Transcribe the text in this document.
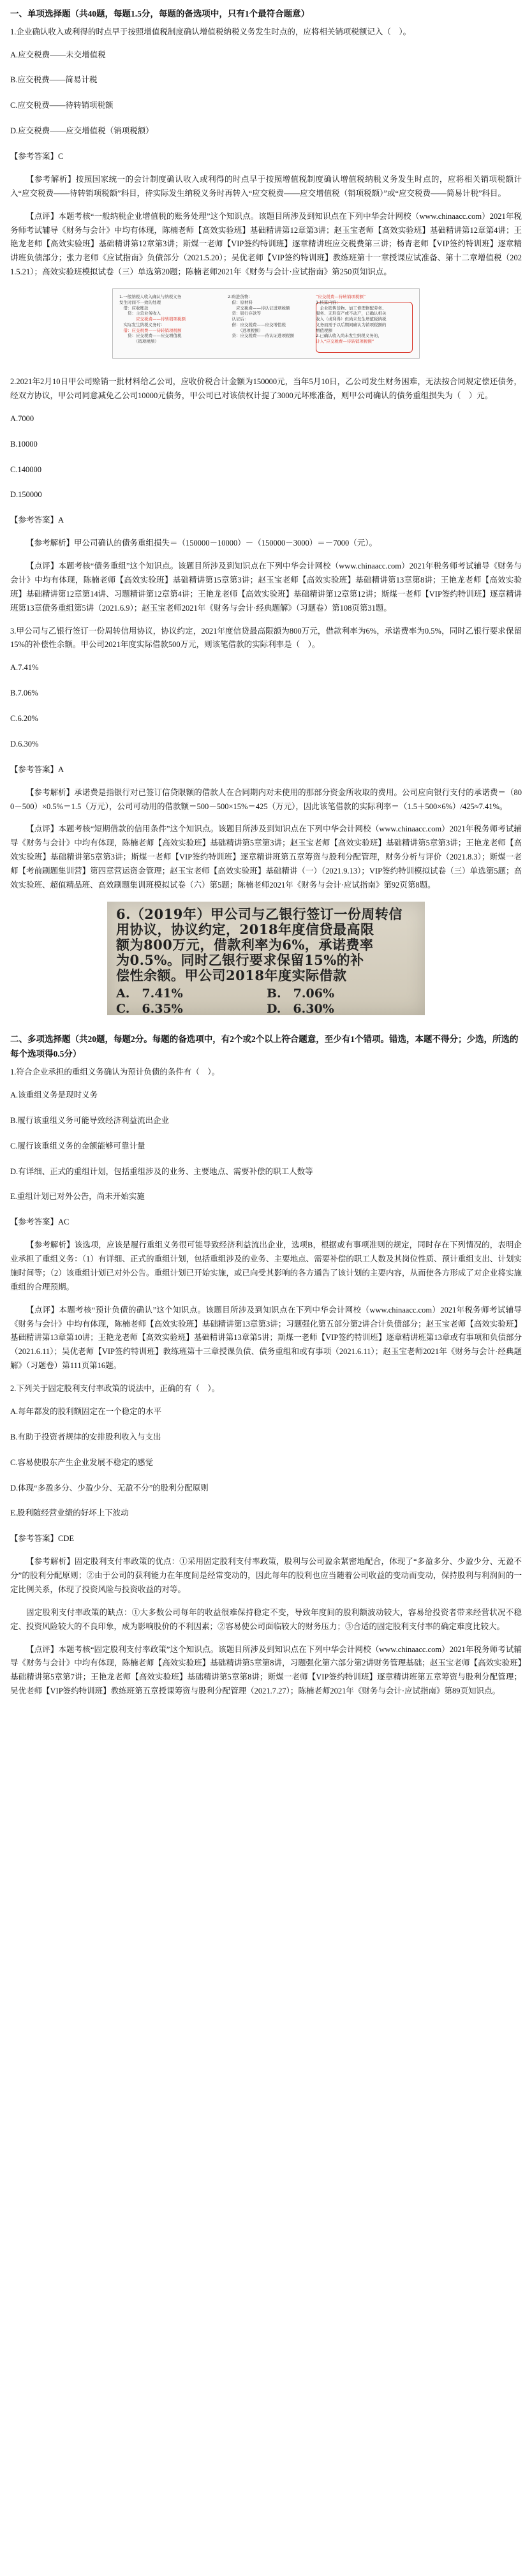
一、单项选择题（共40题，每题1.5分，每题的备选项中，只有1个最符合题意）

1.企业确认收入或利得的时点早于按照增值税制度确认增值税纳税义务发生时点的，应将相关销项税额记入（　）。

A.应交税费——未交增值税

B.应交税费——简易计税

C.应交税费——待转销项税额

D.应交税费——应交增值税（销项税额）

【参考答案】C

【参考解析】按照国家统一的会计制度确认收入或利得的时点早于按照增值税制度确认增值税纳税义务发生时点的，应将相关销项税额计入“应交税费——待转销项税额”科目，待实际发生纳税义务时再转入“应交税费——应交增值税（销项税额）”或“应交税费——简易计税”科目。

【点评】本题考核“一般纳税企业增值税的账务处理”这个知识点。该题目所涉及到知识点在下列中华会计网校（www.chinaacc.com）2021年税务师考试辅导《财务与会计》中均有体现，陈楠老师【高效实验班】基础精讲第12章第3讲；赵玉宝老师【高效实验班】基础精讲第12章第4讲；王艳龙老师【高效实验班】基础精讲第12章第3讲；斯煤一老师【VIP签约特训班】逐章精讲班应交税费第三讲；杨青老师【VIP签约特训班】逐章精讲班负债部分；张力老师《应试指南》负债部分（2021.5.20）；吴优老师【VIP签约特训班】教练班第十一章授课应试准备、第十二章增值税（2021.5.21）；高效实验班模拟试卷（三）单选第20题；陈楠老师2021年《财务与会计·应试指南》第250页知识点。

1.一般纳税人收入确认与纳税义务
发生时间不一致的处理
　借：应收账款
　　贷：主营业务收入
　　　　应交税费——待转销项税额
　实际发生纳税义务时：
　借：应交税费——待转销项税额
　　贷：应交税费——应交增值税
　　　　（销项税额）
2.购进货物：
　借：原材料
　　应交税费——待认证进项税额
　贷：银行存款等
　认证后：
　借：应交税费——应交增值税
　　　（进项税额）
　贷：应交税费——待认证进项税额
“应交税费—待转销项税额”
1.核算内容：
　企业销售货物、加工修理修配劳务、
服务、无形资产或不动产，已确认相关
收入（或利得）但尚未发生增值税纳税
义务而需于以后期间确认为销项税额的
增值税额
2.已确认收入尚未发生纳税义务的，
计入“应交税费—待转销项税额”

2.2021年2月10日甲公司赊销一批材料给乙公司，应收价税合计金额为150000元，当年5月10日，乙公司发生财务困难，无法按合同规定偿还债务，经双方协议，甲公司同意减免乙公司10000元债务，甲公司已对该债权计提了3000元坏账准备，则甲公司确认的债务重组损失为（　）元。

A.7000

B.10000

C.140000

D.150000

【参考答案】A

【参考解析】甲公司确认的债务重组损失＝（150000－10000）－（150000－3000）＝－7000（元）。

【点评】本题考核“债务重组”这个知识点。该题目所涉及到知识点在下列中华会计网校（www.chinaacc.com）2021年税务师考试辅导《财务与会计》中均有体现，陈楠老师【高效实验班】基础精讲第15章第3讲；赵玉宝老师【高效实验班】基础精讲第13章第8讲；王艳龙老师【高效实验班】基础精讲第12章第14讲、习题精讲第12章第4讲；王艳龙老师【高效实验班】基础精讲第12章第12讲；斯煤一老师【VIP签约特训班】逐章精讲班第13章债务重组第5讲（2021.6.9）；赵玉宝老师2021年《财务与会计·经典题解》（习题卷）第108页第31题。

3.甲公司与乙银行签订一份周转信用协议，协议约定，2021年度信贷最高限额为800万元，借款利率为6%，承诺费率为0.5%，同时乙银行要求保留15%的补偿性余额。甲公司2021年度实际借款500万元，则该笔借款的实际利率是（　）。

A.7.41%

B.7.06%

C.6.20%

D.6.30%

【参考答案】A

【参考解析】承诺费是指银行对已签订信贷限额的借款人在合同期内对未使用的那部分资金所收取的费用。公司应向银行支付的承诺费＝（800－500）×0.5%＝1.5（万元），公司可动用的借款额＝500－500×15%＝425（万元），因此该笔借款的实际利率＝（1.5＋500×6%）/425≈7.41%。

【点评】本题考核“短期借款的信用条件”这个知识点。该题目所涉及到知识点在下列中华会计网校（www.chinaacc.com）2021年税务师考试辅导《财务与会计》中均有体现，陈楠老师【高效实验班】基础精讲第5章第3讲；赵玉宝老师【高效实验班】基础精讲第5章第3讲；王艳龙老师【高效实验班】基础精讲第5章第3讲；斯煤一老师【VIP签约特训班】逐章精讲班第五章筹资与股利分配管理，财务分析与评价（2021.8.3）；斯煤一老师【考前刷题集训营】第四章营运资金管理；赵玉宝老师【高效实验班】基础精讲（一）（2021.9.13）；VIP签约特训模拟试卷（三）单选第5题；高效实验班、超值精品班、高效刷题集训班模拟试卷（六）第5题；陈楠老师2021年《财务与会计·应试指南》第92页第8题。

6.（2019年）甲公司与乙银行签订一份周转信
用协议，协议约定，2018年度信贷最高限
额为800万元，借款利率为6%，承诺费率
为0.5%。同时乙银行要求保留15%的补
偿性余额。甲公司2018年度实际借款
A.　7.41%	B.　7.06%
C.　6.35%	D.　6.30%
二、多项选择题（共20题，每题2分。每题的备选项中，有2个或2个以上符合题意，至少有1个错项。错选，本题不得分；少选，所选的每个选项得0.5分）

1.符合企业承担的重组义务确认为预计负债的条件有（　）。

A.该重组义务是现时义务

B.履行该重组义务可能导致经济利益流出企业

C.履行该重组义务的金额能够可靠计量

D.有详细、正式的重组计划，包括重组涉及的业务、主要地点、需要补偿的职工人数等

E.重组计划已对外公告，尚未开始实施

【参考答案】AC

【参考解析】该选项，应该是履行重组义务很可能导致经济利益流出企业，选项B，根据或有事项准则的规定，同时存在下列情况的，表明企业承担了重组义务：（1）有详细、正式的重组计划，包括重组涉及的业务、主要地点、需要补偿的职工人数及其岗位性质、预计重组支出、计划实施时间等；（2）该重组计划已对外公告。重组计划已开始实施，或已向受其影响的各方通告了该计划的主要内容，从而使各方形成了对企业将实施重组的合理预期。

【点评】本题考核“预计负债的确认”这个知识点。该题目所涉及到知识点在下列中华会计网校（www.chinaacc.com）2021年税务师考试辅导《财务与会计》中均有体现，陈楠老师【高效实验班】基础精讲第13章第3讲；习题强化第五部分第2讲合计负债部分；赵玉宝老师【高效实验班】基础精讲第13章第10讲；王艳龙老师【高效实验班】基础精讲第13章第5讲；斯煤一老师【VIP签约特训班】逐章精讲班第13章或有事项和负债部分（2021.6.11）；吴优老师【VIP签约特训班】教练班第十三章授课负债、债务重组和或有事项（2021.6.11）；赵玉宝老师2021年《财务与会计·经典题解》（习题卷）第111页第16题。

2.下列关于固定股利支付率政策的说法中，正确的有（　）。

A.每年都发的股利额固定在一个稳定的水平

B.有助于投资者规律的安排股利收入与支出

C.容易使股东产生企业发展不稳定的感觉

D.体现“多盈多分、少盈少分、无盈不分”的股利分配原则

E.股利随经营业绩的好坏上下波动

【参考答案】CDE

【参考解析】固定股利支付率政策的优点：①采用固定股利支付率政策，股利与公司盈余紧密地配合，体现了“多盈多分、少盈少分、无盈不分”的股利分配原则；②由于公司的获利能力在年度间是经常变动的，因此每年的股利也应当随着公司收益的变动而变动，保持股利与利润间的一定比例关系，体现了投资风险与投资收益的对等。

固定股利支付率政策的缺点：①大多数公司每年的收益很难保持稳定不变，导致年度间的股利额波动较大，容易给投资者带来经营状况不稳定、投资风险较大的不良印象，成为影响股价的不利因素；②容易使公司面临较大的财务压力；③合适的固定股利支付率的确定难度比较大。

【点评】本题考核“固定股利支付率政策”这个知识点。该题目所涉及到知识点在下列中华会计网校（www.chinaacc.com）2021年税务师考试辅导《财务与会计》中均有体现，陈楠老师【高效实验班】基础精讲第5章第8讲，习题强化第六部分第2讲财务管理基础；赵玉宝老师【高效实验班】基础精讲第5章第7讲；王艳龙老师【高效实验班】基础精讲第5章第8讲；斯煤一老师【VIP签约特训班】逐章精讲班第五章筹资与股利分配管理；吴优老师【VIP签约特训班】教练班第五章授课筹资与股利分配管理（2021.7.27）；陈楠老师2021年《财务与会计·应试指南》第89页知识点。
